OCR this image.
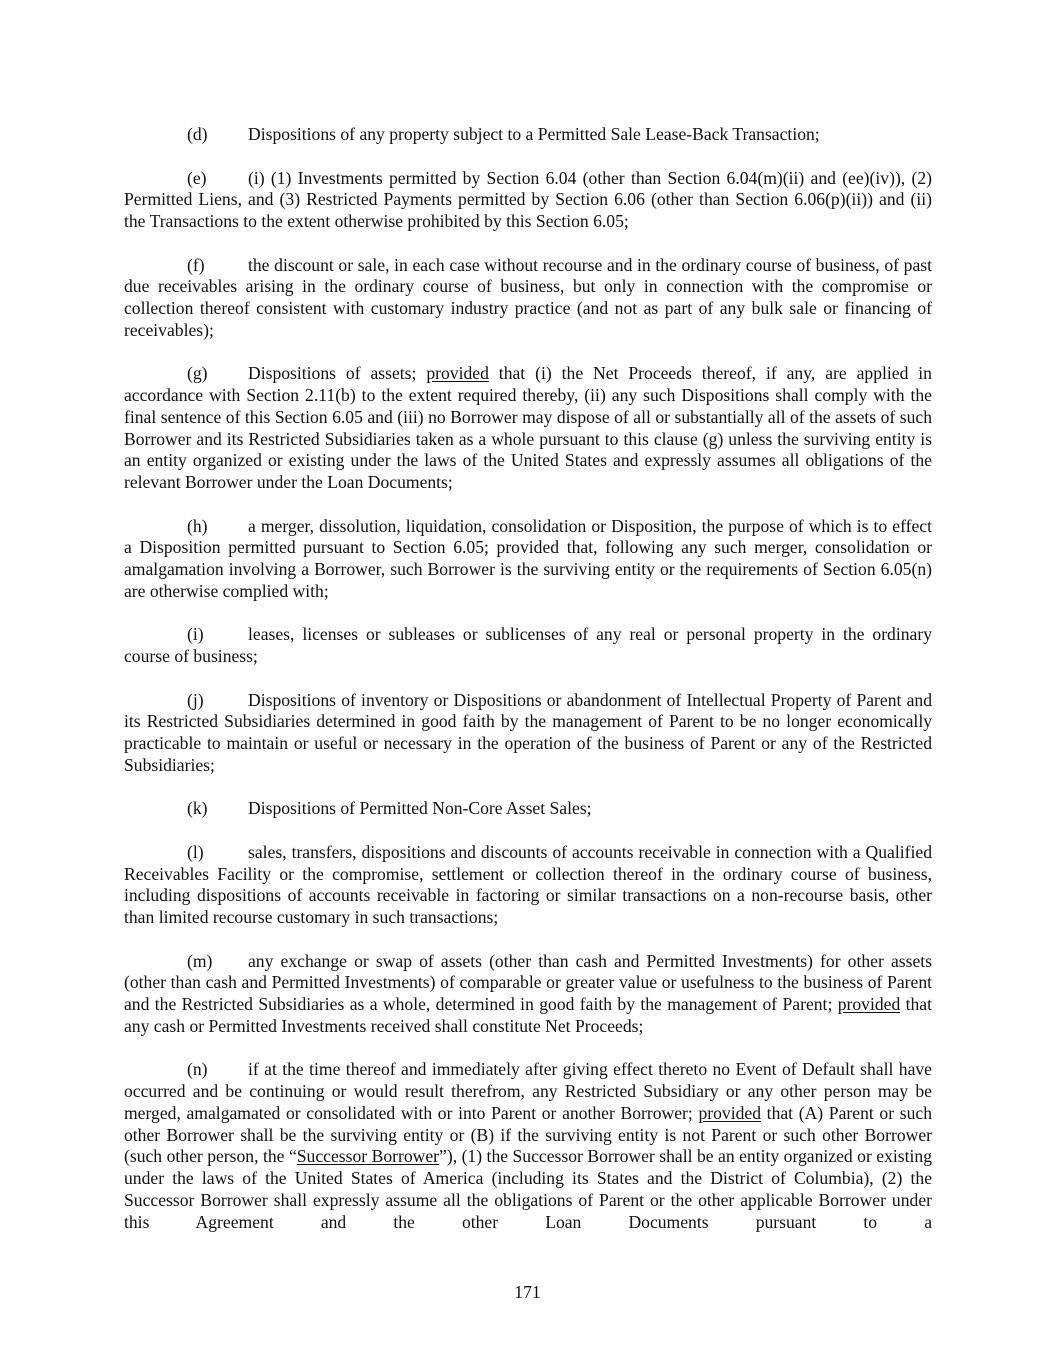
(d) Dispositions of any property subject to a Permitted Sale Lease-Back Transaction;

(e) (i) (1) Investments permitted by Section 6.04 (other than Section 6.04(m)(ii) and (ee)(iv)), (2) Permitted Liens, and (3) Restricted Payments permitted by Section 6.06 (other than Section 6.06(p)(ii)) and (ii) the Transactions to the extent otherwise prohibited by this Section 6.05;

(f) the discount or sale, in each case without recourse and in the ordinary course of business, of past due receivables arising in the ordinary course of business, but only in connection with the compromise or collection thereof consistent with customary industry practice (and not as part of any bulk sale or financing of receivables);

(g) Dispositions of assets; provided that (i) the Net Proceeds thereof, if any, are applied in accordance with Section 2.11(b) to the extent required thereby, (ii) any such Dispositions shall comply with the final sentence of this Section 6.05 and (iii) no Borrower may dispose of all or substantially all of the assets of such Borrower and its Restricted Subsidiaries taken as a whole pursuant to this clause (g) unless the surviving entity is an entity organized or existing under the laws of the United States and expressly assumes all obligations of the relevant Borrower under the Loan Documents;

(h) a merger, dissolution, liquidation, consolidation or Disposition, the purpose of which is to effect a Disposition permitted pursuant to Section 6.05; provided that, following any such merger, consolidation or amalgamation involving a Borrower, such Borrower is the surviving entity or the requirements of Section 6.05(n) are otherwise complied with;

(i)	leases, licenses or subleases or sublicenses of any real or personal property in the ordinary course of business;

(j)	Dispositions of inventory or Dispositions or abandonment of Intellectual Property of Parent and its Restricted Subsidiaries determined in good faith by the management of Parent to be no longer economically practicable to maintain or useful or necessary in the operation of the business of Parent or any of the Restricted Subsidiaries;

(k) Dispositions of Permitted Non-Core Asset Sales;

(l)	sales, transfers, dispositions and discounts of accounts receivable in connection with a Qualified Receivables Facility or the compromise, settlement or collection thereof in the ordinary course of business, including dispositions of accounts receivable in factoring or similar transactions on a non-recourse basis, other than limited recourse customary in such transactions;

(m) any exchange or swap of assets (other than cash and Permitted Investments) for other assets (other than cash and Permitted Investments) of comparable or greater value or usefulness to the business of Parent and the Restricted Subsidiaries as a whole, determined in good faith by the management of Parent; provided that any cash or Permitted Investments received shall constitute Net Proceeds;

(n) if at the time thereof and immediately after giving effect thereto no Event of Default shall have occurred and be continuing or would result therefrom, any Restricted Subsidiary or any other person may be merged, amalgamated or consolidated with or into Parent or another Borrower; provided that (A) Parent or such other Borrower shall be the surviving entity or (B) if the surviving entity is not Parent or such other Borrower (such other person, the “Successor Borrower”), (1) the Successor Borrower shall be an entity organized or existing under the laws of the United States of America (including its States and the District of Columbia), (2) the Successor Borrower shall expressly assume all the obligations of Parent or the other applicable Borrower under this Agreement and the other Loan Documents pursuant to a

171
